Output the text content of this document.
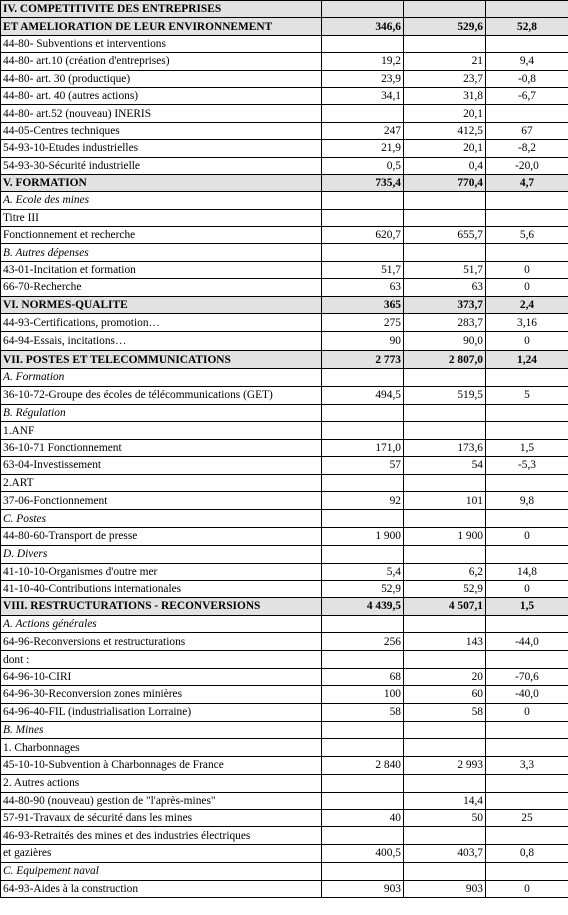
IV. COMPETITIVITE DES ENTREPRISES			
ET AMELIORATION DE LEUR ENVIRONNEMENT	346,6	529,6	52,8
44-80- Subventions et interventions			
44-80- art.10 (création d'entreprises)	19,2	21	9,4
44-80- art. 30 (productique)	23,9	23,7	-0,8
44-80- art. 40 (autres actions)	34,1	31,8	-6,7
44-80- art.52 (nouveau) INERIS		20,1	
44-05-Centres techniques	247	412,5	67
54-93-10-Etudes industrielles	21,9	20,1	-8,2
54-93-30-Sécurité industrielle	0,5	0,4	-20,0
V. FORMATION	735,4	770,4	4,7
A. Ecole des mines			
Titre III			
Fonctionnement et recherche	620,7	655,7	5,6
B. Autres dépenses			
43-01-Incitation et formation	51,7	51,7	0
66-70-Recherche	63	63	0
VI. NORMES-QUALITE	365	373,7	2,4
44-93-Certifications, promotion…	275	283,7	3,16
64-94-Essais, incitations…	90	90,0	0
VII. POSTES ET TELECOMMUNICATIONS	2 773	2 807,0	1,24
A. Formation			
36-10-72-Groupe des écoles de télécommunications (GET)	494,5	519,5	5
B. Régulation			
1.ANF			
36-10-71 Fonctionnement	171,0	173,6	1,5
63-04-Investissement	57	54	-5,3
2.ART			
37-06-Fonctionnement	92	101	9,8
C. Postes			
44-80-60-Transport de presse	1 900	1 900	0
D. Divers			
41-10-10-Organismes d'outre mer	5,4	6,2	14,8
41-10-40-Contributions internationales	52,9	52,9	0
VIII. RESTRUCTURATIONS - RECONVERSIONS	4 439,5	4 507,1	1,5
A. Actions générales			
64-96-Reconversions et restructurations	256	143	-44,0
dont :			
64-96-10-CIRI	68	20	-70,6
64-96-30-Reconversion zones minières	100	60	-40,0
64-96-40-FIL (industrialisation Lorraine)	58	58	0
B. Mines			
1. Charbonnages			
45-10-10-Subvention à Charbonnages de France	2 840	2 993	3,3
2. Autres actions			
44-80-90 (nouveau) gestion de "l'après-mines"		14,4	
57-91-Travaux de sécurité dans les mines	40	50	25
46-93-Retraités des mines et des industries électriques			
et gazières	400,5	403,7	0,8
C. Equipement naval			
64-93-Aides à la construction	903	903	0
